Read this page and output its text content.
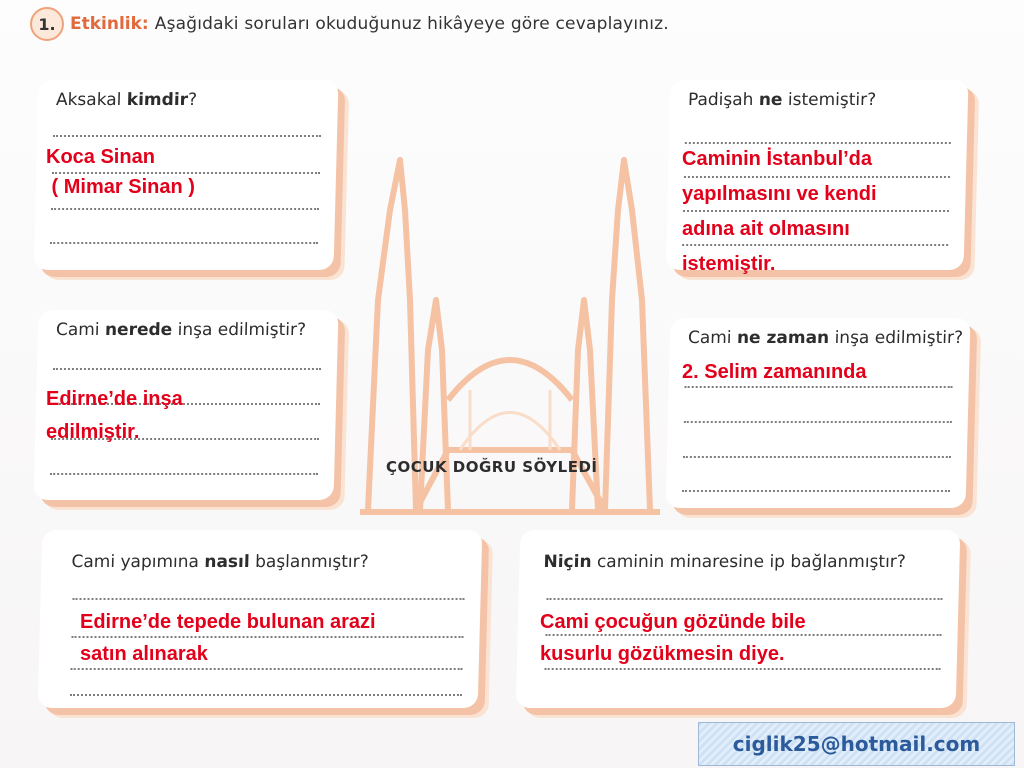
1. Etkinlik: Aşağıdaki soruları okuduğunuz hikâyeye göre cevaplayınız.
Aksakal kimdir?
Koca Sinan
( Mimar Sinan )
Padişah ne istemiştir?
Caminin İstanbul’da
yapılmasını ve kendi
adına ait olmasını
istemiştir.
ÇOCUK DOĞRU SÖYLEDİ
Cami nerede inşa edilmiştir?
Edirne’de inşa
edilmiştir.
Cami ne zaman inşa edilmiştir?
2. Selim zamanında
Cami yapımına nasıl başlanmıştır?
Edirne’de tepede bulunan arazi
satın alınarak
Niçin caminin minaresine ip bağlanmıştır?
Cami çocuğun gözünde bile
kusurlu gözükmesin diye.
ciglik25@hotmail.com
